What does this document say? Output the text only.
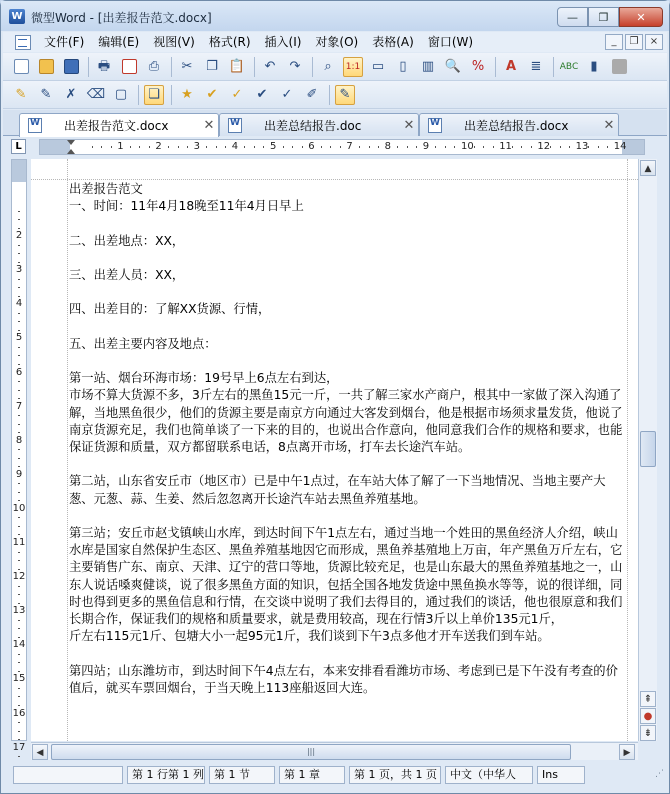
W 微型Word - [出差报告范文.docx]	—	❐	✕
文件(F)	编辑(E)	视图(V)	格式(R)	插入(I)	对象(O)	表格(A)	窗口(W)	_	❐	×
🖶	⎙	✂	❐ 📋	↶	↷	⌕	1:1 ▭	▯	▥ 🔍 %	A	≣	ABC ▮
✎	✎	✗ ⌫ ▢	❏	★	✔	✓	✔	✓	✐	✎
W
出差报告范文.docx	✕ W	出差总结报告.doc	✕ W	出差总结报告.docx	✕
L	1	2	3	4	5	6	7	8	9	10	11	12	13	14
2
3
4
5
6
7
8
9
10
11
12
13
14
15
16
17

出差报告范文

一、时间：11年4月18晚至11年4月日早上

二、出差地点：XX，

三、出差人员：XX，

四、出差目的：了解XX货源、行情，

五、出差主要内容及地点：

第一站、烟台环海市场：19号早上6点左右到达，

市场不算大货源不多，3斤左右的黑鱼15元一斤，一共了解三家水产商户，根其中一家做了深入沟通了解，当地黑鱼很少，他们的货源主要是南京方向通过大客发到烟台，他是根据市场须求量发货，他说了南京货源充足，我们也简单谈了一下来的目的，也说出合作意向，他同意我们合作的规格和要求，也能保证货源和质量，双方都留联系电话，8点离开市场，打车去长途汽车站。

第二站，山东省安丘市（地区市）已是中午1点过，在车站大体了解了一下当地情况、当地主要产大葱、元葱、蒜、生姜、然后忽忽离开长途汽车站去黑鱼养殖基地。

第三站；安丘市赵戈镇峡山水库，到达时间下午1点左右，通过当地一个姓田的黑鱼经济人介绍，峡山水库是国家自然保护生态区、黑鱼养殖基地因它而形成，黑鱼养基殖地上万亩，年产黑鱼万斤左右，它主要销售广东、南京、天津、辽宁的营口等地，货源比较充足，也是山东最大的黑鱼养殖基地之一，山东人说话嗓爽健谈，说了很多黑鱼方面的知识，包括全国各地发货途中黑鱼换水等等，说的很详细，同时也得到更多的黑鱼信息和行情，在交谈中说明了我们去得目的，通过我们的谈话，他也很原意和我们长期合作，保证我们的规格和质量要求，就是费用较高，现在行情3斤以上单价135元1斤，

斤左右115元1斤、包塘大小一起95元1斤，我们谈到下午3点多他才开车送我们到车站。

第四站；山东潍坊市，到达时间下午4点左右，本来安排看看潍坊市场、考虑到已是下午没有考查的价值后，就买车票回烟台，于当天晚上113座船返回大连。

▲
⇞
●
⇟
◀	|||	▶
第 1 行第 1 列 第 1 节	第 1 章	第 1 页，共 1 页	中文（中华人	Ins	⋰
